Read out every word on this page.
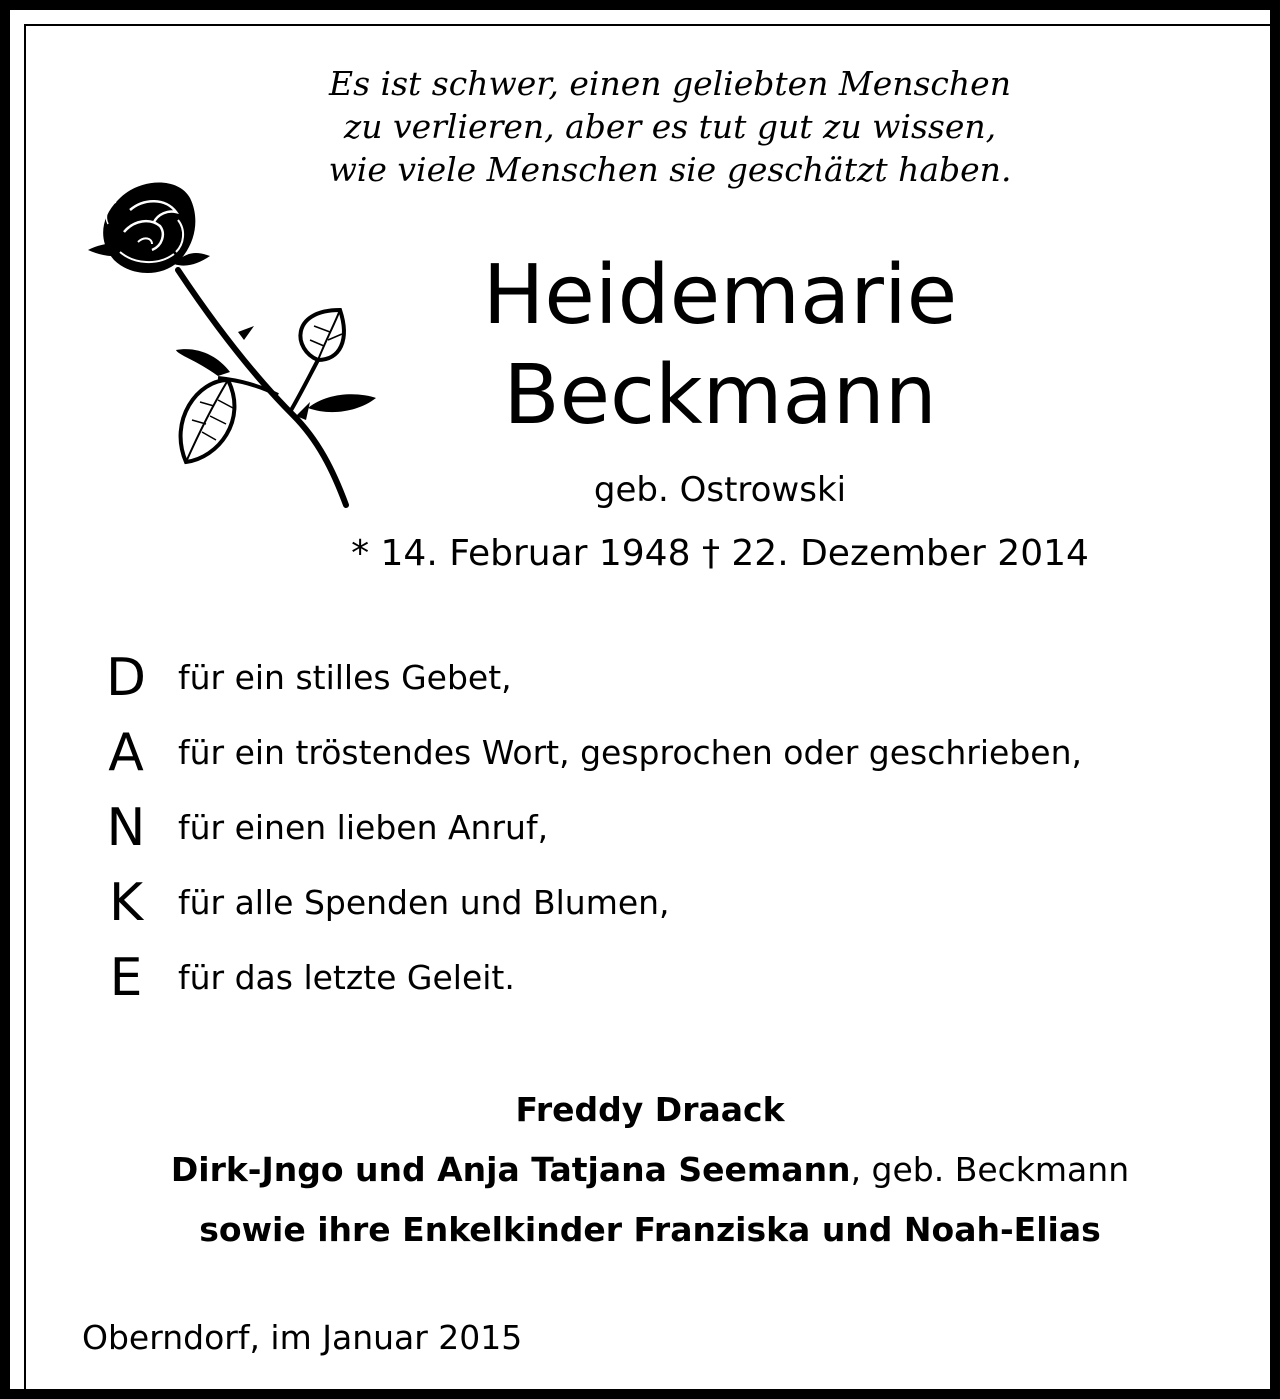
Es ist schwer, einen geliebten Menschen
zu verlieren, aber es tut gut zu wissen,
wie viele Menschen sie geschätzt haben.
Heidemarie
Beckmann
geb. Ostrowski
* 14. Februar 1948 † 22. Dezember 2014
D für ein stilles Gebet,
A	für ein tröstendes Wort, gesprochen oder geschrieben,
N für einen lieben Anruf,
K	für alle Spenden und Blumen,
E	für das letzte Geleit.
Freddy Draack
Dirk-Jngo und Anja Tatjana Seemann, geb. Beckmann
sowie ihre Enkelkinder Franziska und Noah-Elias
Oberndorf, im Januar 2015
